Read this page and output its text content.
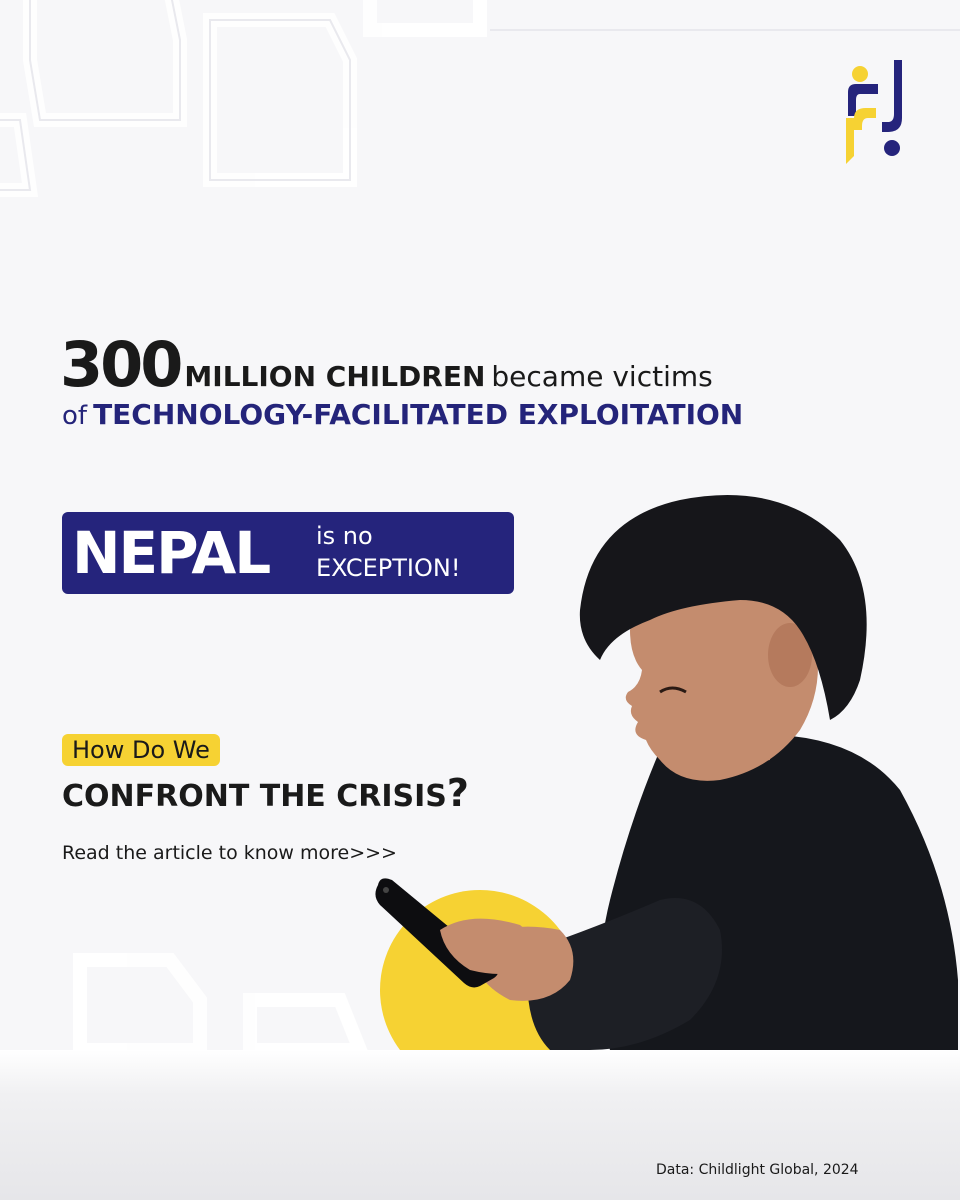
300 MILLION CHILDREN became victims
of TECHNOLOGY-FACILITATED EXPLOITATION
NEPAL is no
EXCEPTION!
How Do We
CONFRONT THE CRISIS?
Read the article to know more>>>
Data: Childlight Global, 2024
